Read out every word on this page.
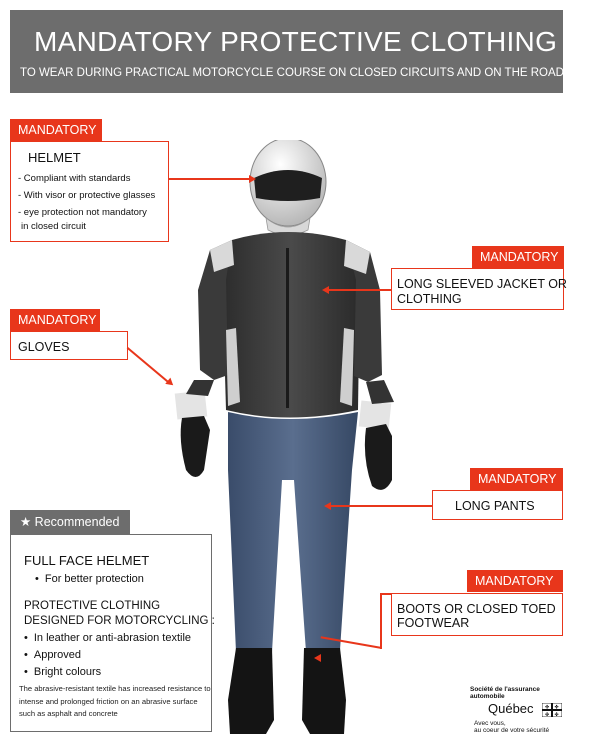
MANDATORY PROTECTIVE CLOTHING
TO WEAR DURING PRACTICAL MOTORCYCLE COURSE ON CLOSED CIRCUITS AND ON THE ROAD
MANDATORY
HELMET
- Compliant with standards
- With visor or protective glasses
- eye protection not mandatory
in closed circuit
MANDATORY
LONG SLEEVED JACKET OR
CLOTHING
MANDATORY
GLOVES
MANDATORY
LONG PANTS
MANDATORY
BOOTS OR CLOSED TOED
FOOTWEAR
★ Recommended
FULL FACE HELMET
• For better protection
PROTECTIVE CLOTHING
DESIGNED FOR MOTORCYCLING :
• In leather or anti-abrasion textile
• Approved
• Bright colours
The abrasive-resistant textile has increased resistance to intense and prolonged friction on an abrasive surface such as asphalt and concrete
Société de l'assurance automobile
Québec ✤ ✤
✤ ✤
Avec vous,
au coeur de votre sécurité
